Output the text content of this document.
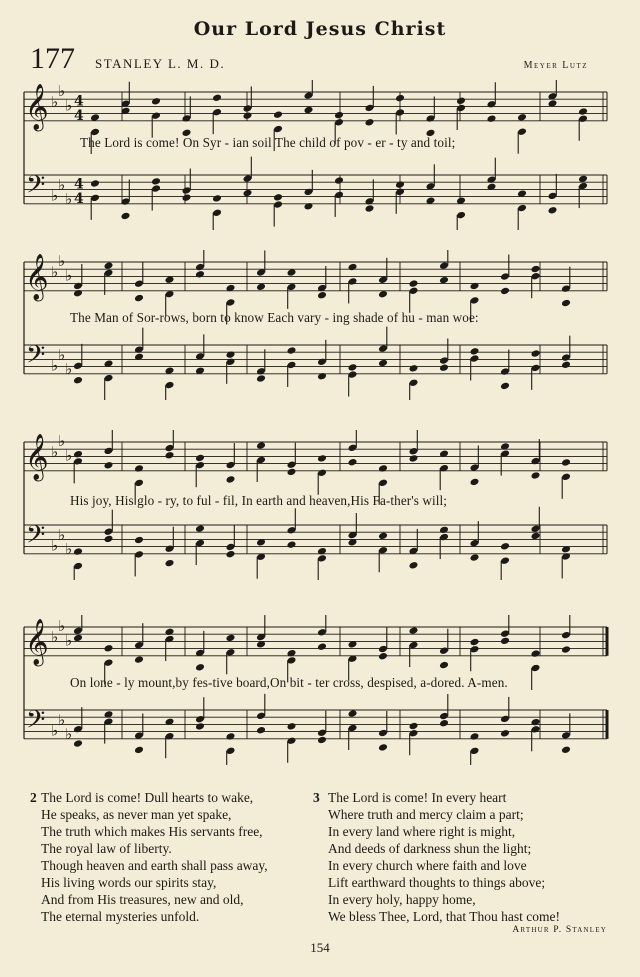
Our Lord Jesus Christ
177 STANLEY L. M. D.	Meyer Lutz
𝄞 ♭
♭
♭
𝄢 ♭
♭
♭
4
4
4
4
The Lord is come! On Syr - ian soil The child of pov - er - ty and toil;
𝄞 ♭
♭
♭
𝄢 ♭
♭
♭
The Man of Sor-rows, born to know Each vary - ing shade of hu - man woe:
𝄞 ♭
♭
♭
𝄢 ♭
♭
♭
His joy, His glo - ry, to ful - fil, In earth and heaven,His Fa-ther's will;
𝄞 ♭
♭
♭
𝄢 ♭
♭
♭
On lone - ly mount,by fes-tive board,On bit - ter cross, despised, a-dored. A-men.
2 The Lord is come! Dull hearts to wake,
He speaks, as never man yet spake,
The truth which makes His servants free,
The royal law of liberty.
Though heaven and earth shall pass away,
His living words our spirits stay,
And from His treasures, new and old,
The eternal mysteries unfold.
3 The Lord is come! In every heart
Where truth and mercy claim a part;
In every land where right is might,
And deeds of darkness shun the light;
In every church where faith and love
Lift earthward thoughts to things above;
In every holy, happy home,
We bless Thee, Lord, that Thou hast come!
Arthur P. Stanley
154
